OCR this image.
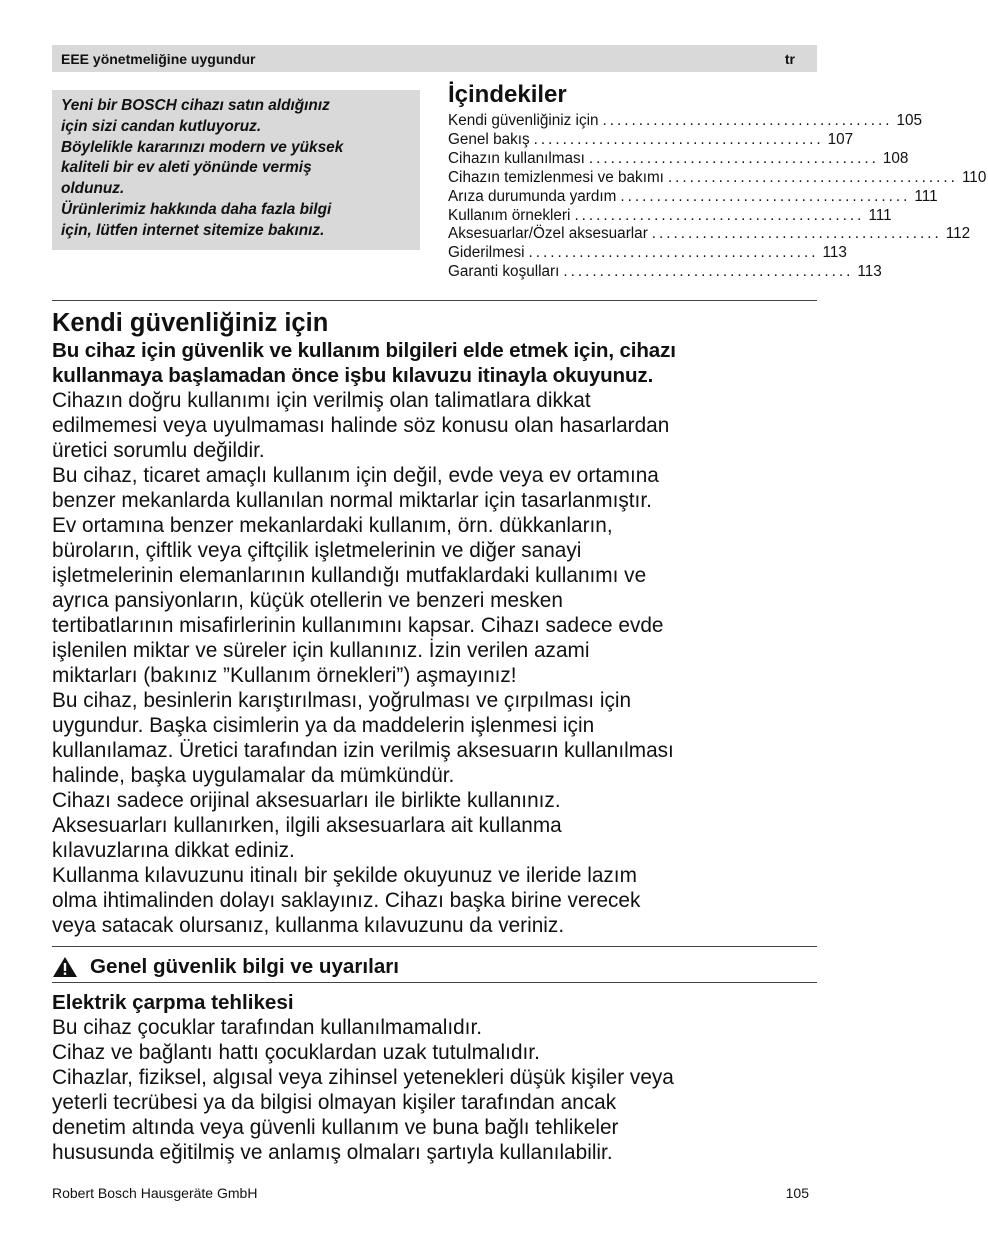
EEE yönetmeliğine uygundur	tr

Yeni bir BOSCH cihazı satın aldığınız

için sizi candan kutluyoruz.

Böylelikle kararınızı modern ve yüksek

kaliteli bir ev aleti yönünde vermiş

oldunuz.

Ürünlerimiz hakkında daha fazla bilgi

için, lütfen internet sitemize bakınız.

İçindekiler
Kendi güvenliğiniz için ........................................ 105
Genel bakış ........................................ 107
Cihazın kullanılması ........................................ 108
Cihazın temizlenmesi ve bakımı ........................................ 110
Arıza durumunda yardım ........................................ 111
Kullanım örnekleri ........................................ 111
Aksesuarlar/Özel aksesuarlar ........................................ 112
Giderilmesi ........................................ 113
Garanti koşulları ........................................ 113
Kendi güvenliğiniz için

Bu cihaz için güvenlik ve kullanım bilgileri elde etmek için, cihazı

kullanmaya başlamadan önce işbu kılavuzu itinayla okuyunuz.

Cihazın doğru kullanımı için verilmiş olan talimatlara dikkat

edilmemesi veya uyulmaması halinde söz konusu olan hasarlardan

üretici sorumlu değildir.

Bu cihaz, ticaret amaçlı kullanım için değil, evde veya ev ortamına

benzer mekanlarda kullanılan normal miktarlar için tasarlanmıştır.

Ev ortamına benzer mekanlardaki kullanım, örn. dükkanların,

büroların, çiftlik veya çiftçilik işletmelerinin ve diğer sanayi

işletmelerinin elemanlarının kullandığı mutfaklardaki kullanımı ve

ayrıca pansiyonların, küçük otellerin ve benzeri mesken

tertibatlarının misafirlerinin kullanımını kapsar. Cihazı sadece evde

işlenilen miktar ve süreler için kullanınız. İzin verilen azami

miktarları (bakınız ”Kullanım örnekleri”) aşmayınız!

Bu cihaz, besinlerin karıştırılması, yoğrulması ve çırpılması için

uygundur. Başka cisimlerin ya da maddelerin işlenmesi için

kullanılamaz. Üretici tarafından izin verilmiş aksesuarın kullanılması

halinde, başka uygulamalar da mümkündür.

Cihazı sadece orijinal aksesuarları ile birlikte kullanınız.

Aksesuarları kullanırken, ilgili aksesuarlara ait kullanma

kılavuzlarına dikkat ediniz.

Kullanma kılavuzunu itinalı bir şekilde okuyunuz ve ileride lazım

olma ihtimalinden dolayı saklayınız. Cihazı başka birine verecek

veya satacak olursanız, kullanma kılavuzunu da veriniz.

Genel güvenlik bilgi ve uyarıları

Elektrik çarpma tehlikesi

Bu cihaz çocuklar tarafından kullanılmamalıdır.

Cihaz ve bağlantı hattı çocuklardan uzak tutulmalıdır.

Cihazlar, fiziksel, algısal veya zihinsel yetenekleri düşük kişiler veya

yeterli tecrübesi ya da bilgisi olmayan kişiler tarafından ancak

denetim altında veya güvenli kullanım ve buna bağlı tehlikeler

hususunda eğitilmiş ve anlamış olmaları şartıyla kullanılabilir.

Robert Bosch Hausgeräte GmbH	105
